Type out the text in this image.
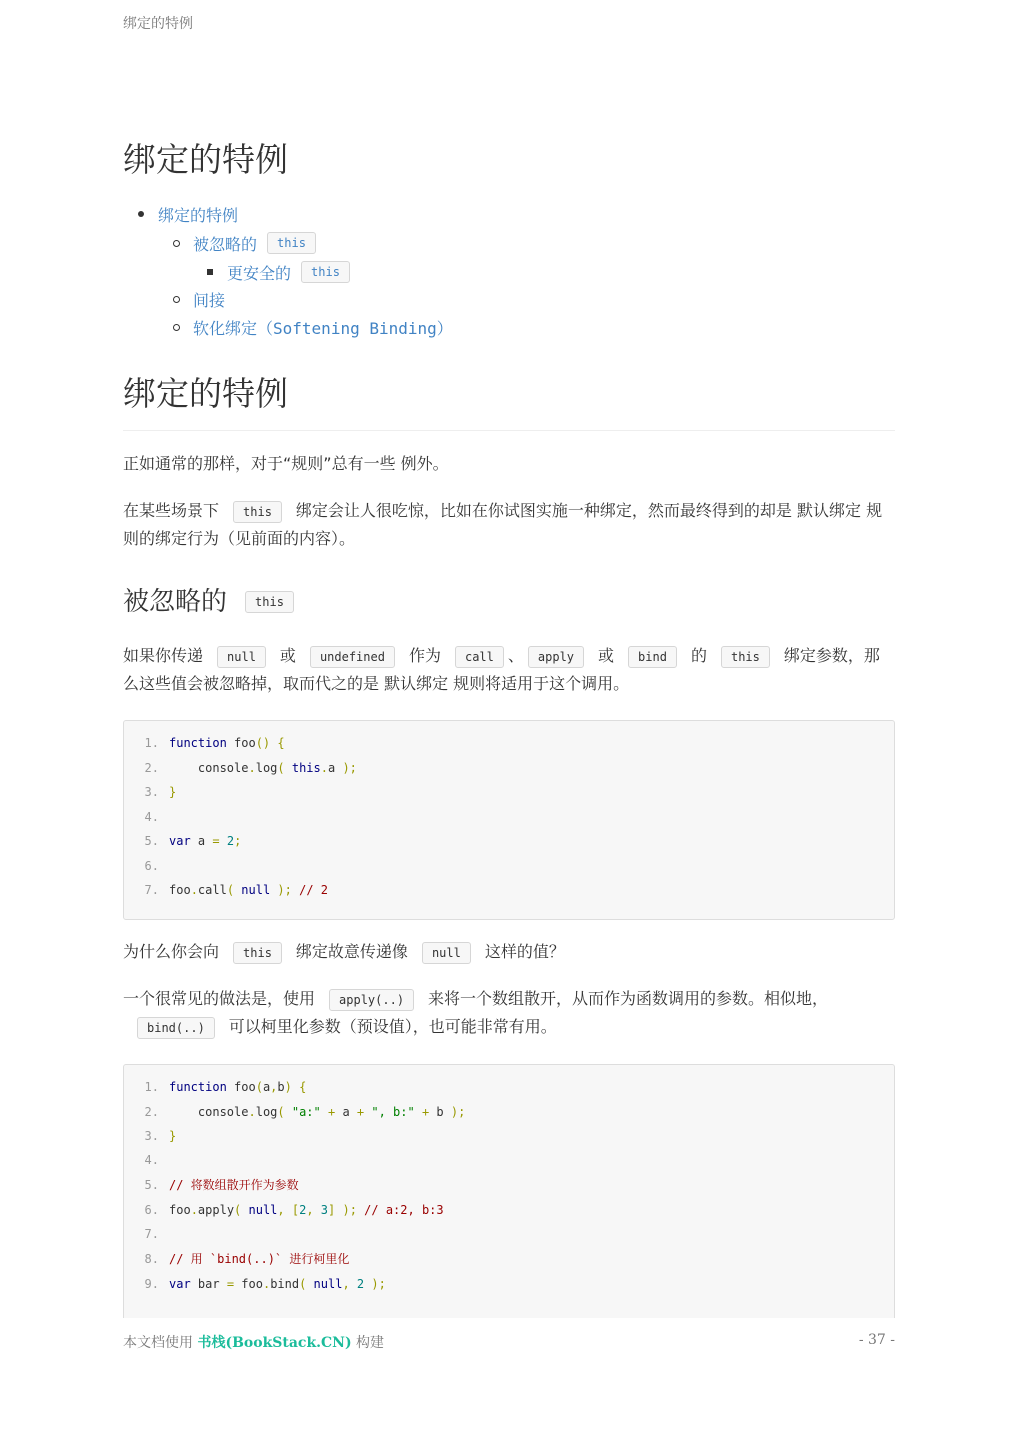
绑定的特例
绑定的特例
绑定的特例
被忽略的	this
更安全的	this
间接
软化绑定（Softening Binding）
绑定的特例

正如通常的那样，对于“规则”总有一些 例外。

在某些场景下 this 绑定会让人很吃惊，比如在你试图实施一种绑定，然而最终得到的却是 默认绑定 规则的绑定行为（见前面的内容）。

被忽略的	this

如果你传递 null 或 undefined 作为 call 、 apply 或 bind 的 this 绑定参数，那么这些值会被忽略掉，取而代之的是 默认绑定 规则将适用于这个调用。

1. function foo() {
2.    console.log( this.a );
3. }
4.
5. var a = 2;
6.
7. foo.call( null ); // 2

为什么你会向 this 绑定故意传递像 null 这样的值？

一个很常见的做法是，使用 apply(..) 来将一个数组散开，从而作为函数调用的参数。相似地，bind(..) 可以柯里化参数（预设值），也可能非常有用。

1. function foo(a,b) {
2.    console.log( "a:" + a + ", b:" + b );
3. }
4.
5. // 将数组散开作为参数
6. foo.apply( null, [2, 3] ); // a:2, b:3
7.
8. // 用 `bind(..)` 进行柯里化
9. var bar = foo.bind( null, 2 );
本文档使用 书栈(BookStack.CN) 构建	- 37 -
